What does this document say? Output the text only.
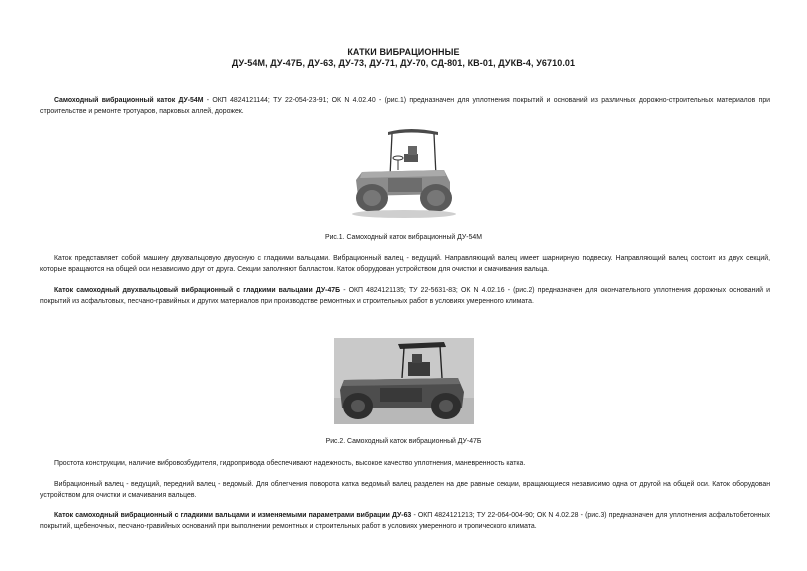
КАТКИ ВИБРАЦИОННЫЕ
ДУ-54М, ДУ-47Б, ДУ-63, ДУ-73, ДУ-71, ДУ-70, СД-801, КВ-01, ДУКВ-4, У6710.01
Самоходный вибрационный каток ДУ-54М - ОКП 4824121144; ТУ 22-054-23-91; ОК N 4.02.40 - (рис.1) предназначен для уплотнения покрытий и оснований из различных дорожно-строительных материалов при строительстве и ремонте тротуаров, парковых аллей, дорожек.
Рис.1. Самоходный каток вибрационный ДУ-54М
Каток представляет собой машину двухвальцовую двуосную с гладкими вальцами. Вибрационный валец - ведущий. Направляющий валец имеет шарнирную подвеску. Направляющий валец состоит из двух секций, которые вращаются на общей оси независимо друг от друга. Секции заполняют балластом. Каток оборудован устройством для очистки и смачивания вальца.
Каток самоходный двухвальцовый вибрационный с гладкими вальцами ДУ-47Б - ОКП 4824121135; ТУ 22-5631-83; ОК N 4.02.16 - (рис.2) предназначен для окончательного уплотнения дорожных оснований и покрытий из асфальтовых, песчано-гравийных и других материалов при производстве ремонтных и строительных работ в условиях умеренного климата.
Рис.2. Самоходный каток вибрационный ДУ-47Б
Простота конструкции, наличие вибровозбудителя, гидропривода обеспечивают надежность, высокое качество уплотнения, маневренность катка.
Вибрационный валец - ведущий, передний валец - ведомый. Для облегчения поворота катка ведомый валец разделен на две равные секции, вращающиеся независимо одна от другой на общей оси. Каток оборудован устройством для очистки и смачивания вальцев.
Каток самоходный вибрационный с гладкими вальцами и изменяемыми параметрами вибрации ДУ-63 - ОКП 4824121213; ТУ 22-064-004-90; ОК N 4.02.28 - (рис.3) предназначен для уплотнения асфальтобетонных покрытий, щебеночных, песчано-гравийных оснований при выполнении ремонтных и строительных работ в условиях умеренного и тропического климата.
